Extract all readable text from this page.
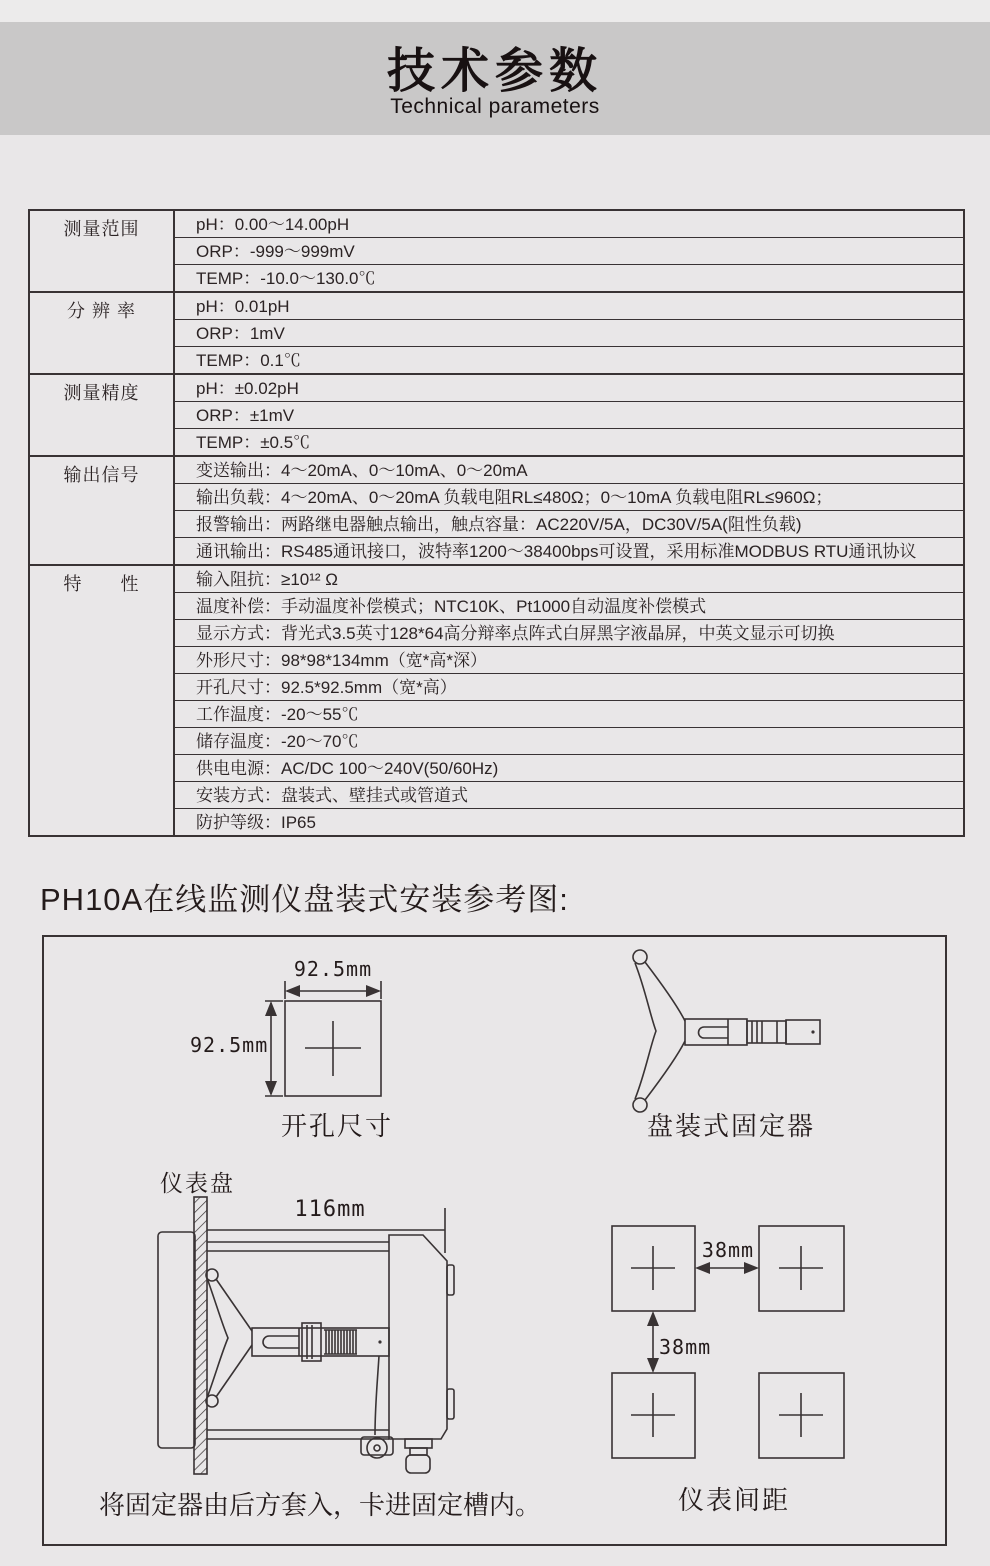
技术参数
Technical parameters
测量范围	pH：0.00～14.00pH
ORP：-999～999mV
TEMP：-10.0～130.0℃
分 辨 率	pH：0.01pH
ORP：1mV
TEMP：0.1℃
测量精度	pH：±0.02pH
ORP：±1mV
TEMP：±0.5℃
输出信号	变送输出：4～20mA、0～10mA、0～20mA
输出负载：4～20mA、0～20mA 负载电阻RL≤480Ω；0～10mA 负载电阻RL≤960Ω；
报警输出：两路继电器触点输出，触点容量：AC220V/5A，DC30V/5A(阻性负载)
通讯输出：RS485通讯接口，波特率1200～38400bps可设置，采用标准MODBUS RTU通讯协议
特　　性	输入阻抗：≥10¹² Ω
温度补偿：手动温度补偿模式；NTC10K、Pt1000自动温度补偿模式
显示方式：背光式3.5英寸128*64高分辩率点阵式白屏黑字液晶屏，中英文显示可切换
外形尺寸：98*98*134mm（宽*高*深）
开孔尺寸：92.5*92.5mm（宽*高）
工作温度：-20～55℃
储存温度：-20～70℃
供电电源：AC/DC 100～240V(50/60Hz)
安装方式：盘装式、壁挂式或管道式
防护等级：IP65
PH10A在线监测仪盘装式安装参考图:
92.5mm
92.5mm
开孔尺寸	盘装式固定器
仪表盘
116mm
将固定器由后方套入，卡进固定槽内。
38mm
38mm
仪表间距
